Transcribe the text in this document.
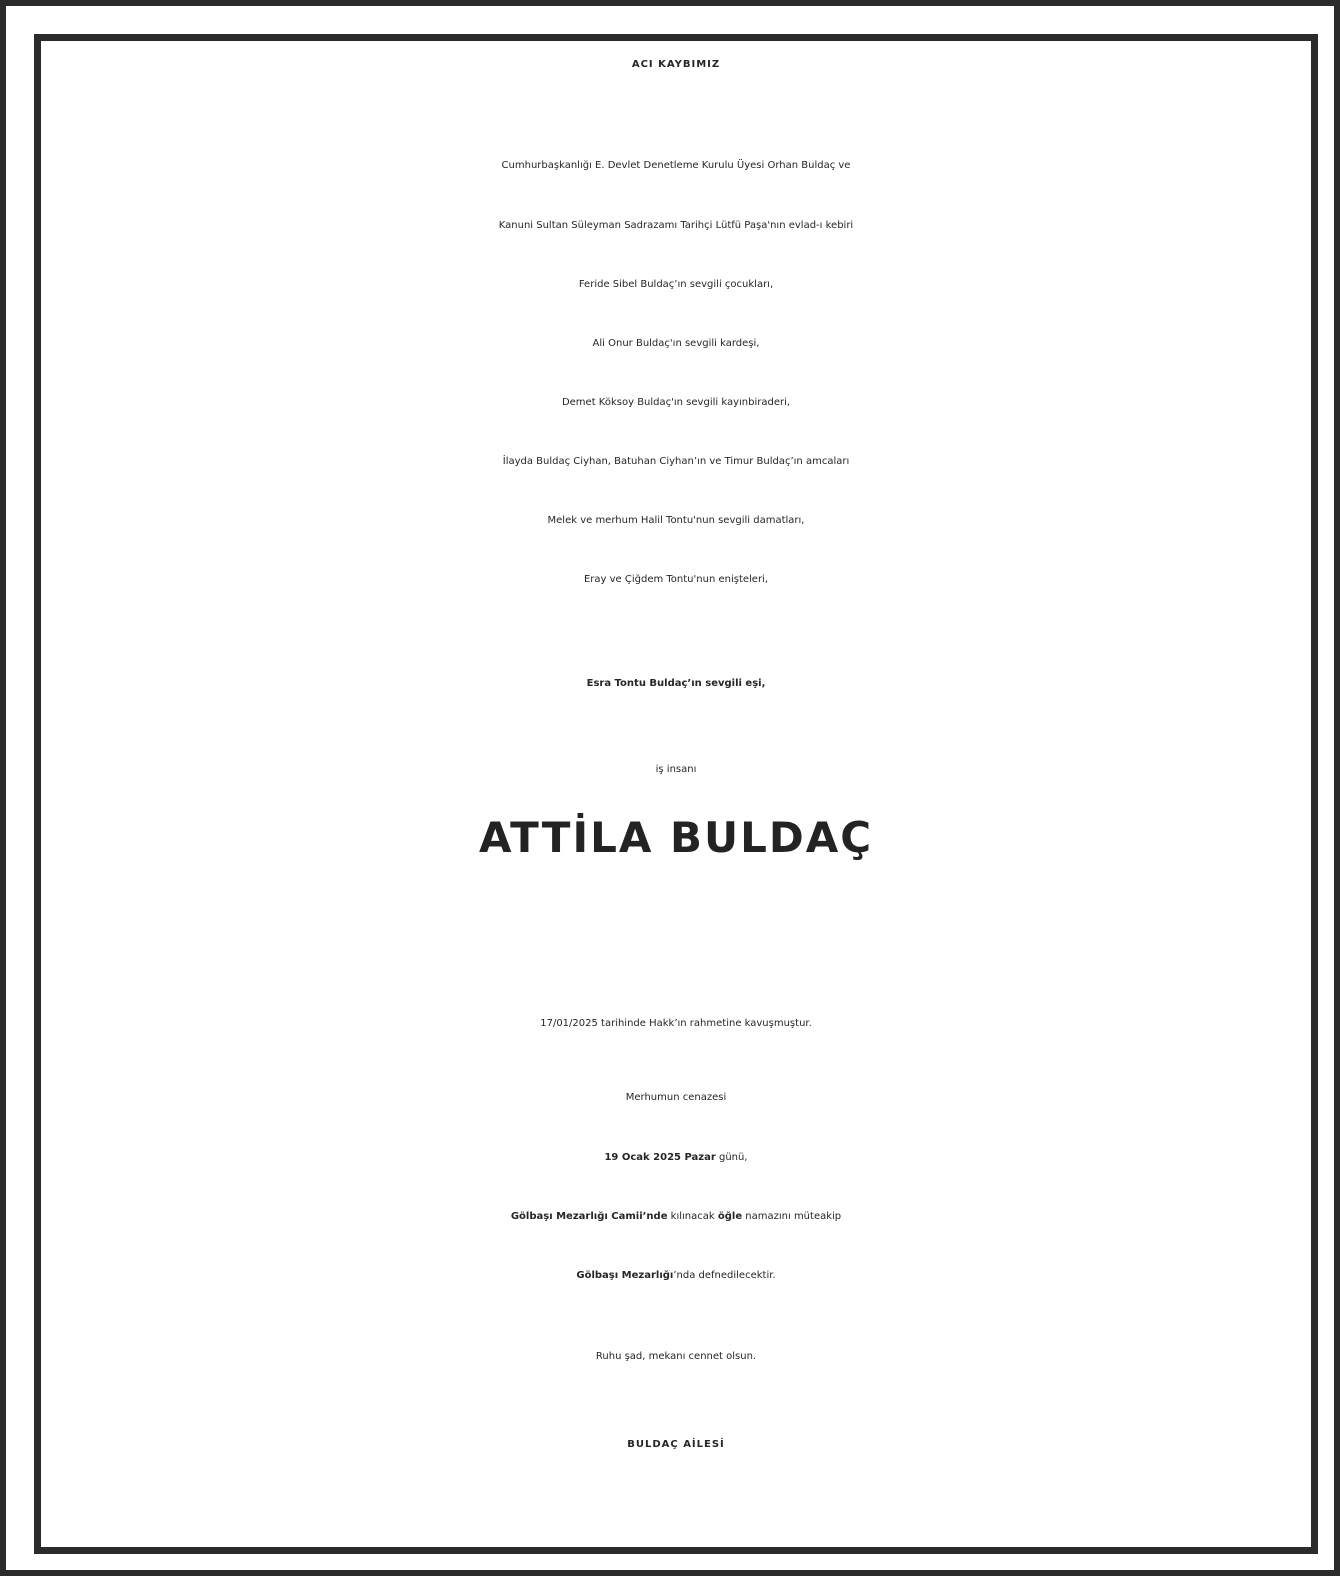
ACI KAYBIMIZ
Cumhurbaşkanlığı E. Devlet Denetleme Kurulu Üyesi Orhan Buldaç ve
Kanuni Sultan Süleyman Sadrazamı Tarihçi Lütfü Paşa'nın evlad-ı kebiri
Feride Sibel Buldaç’ın sevgili çocukları,
Ali Onur Buldaç'ın sevgili kardeşi,
Demet Köksoy Buldaç'ın sevgili kayınbiraderi,
İlayda Buldaç Ciyhan, Batuhan Ciyhan’ın ve Timur Buldaç’ın amcaları
Melek ve merhum Halil Tontu'nun sevgili damatları,
Eray ve Çiğdem Tontu'nun enişteleri,
Esra Tontu Buldaç’ın sevgili eşi,
iş insanı
ATTİLA BULDAÇ
17/01/2025 tarihinde Hakk’ın rahmetine kavuşmuştur.
Merhumun cenazesi
19 Ocak 2025 Pazar günü,
Gölbaşı Mezarlığı Camii’nde kılınacak öğle namazını müteakip
Gölbaşı Mezarlığı’nda defnedilecektir.
Ruhu şad, mekanı cennet olsun.
BULDAÇ AİLESİ
